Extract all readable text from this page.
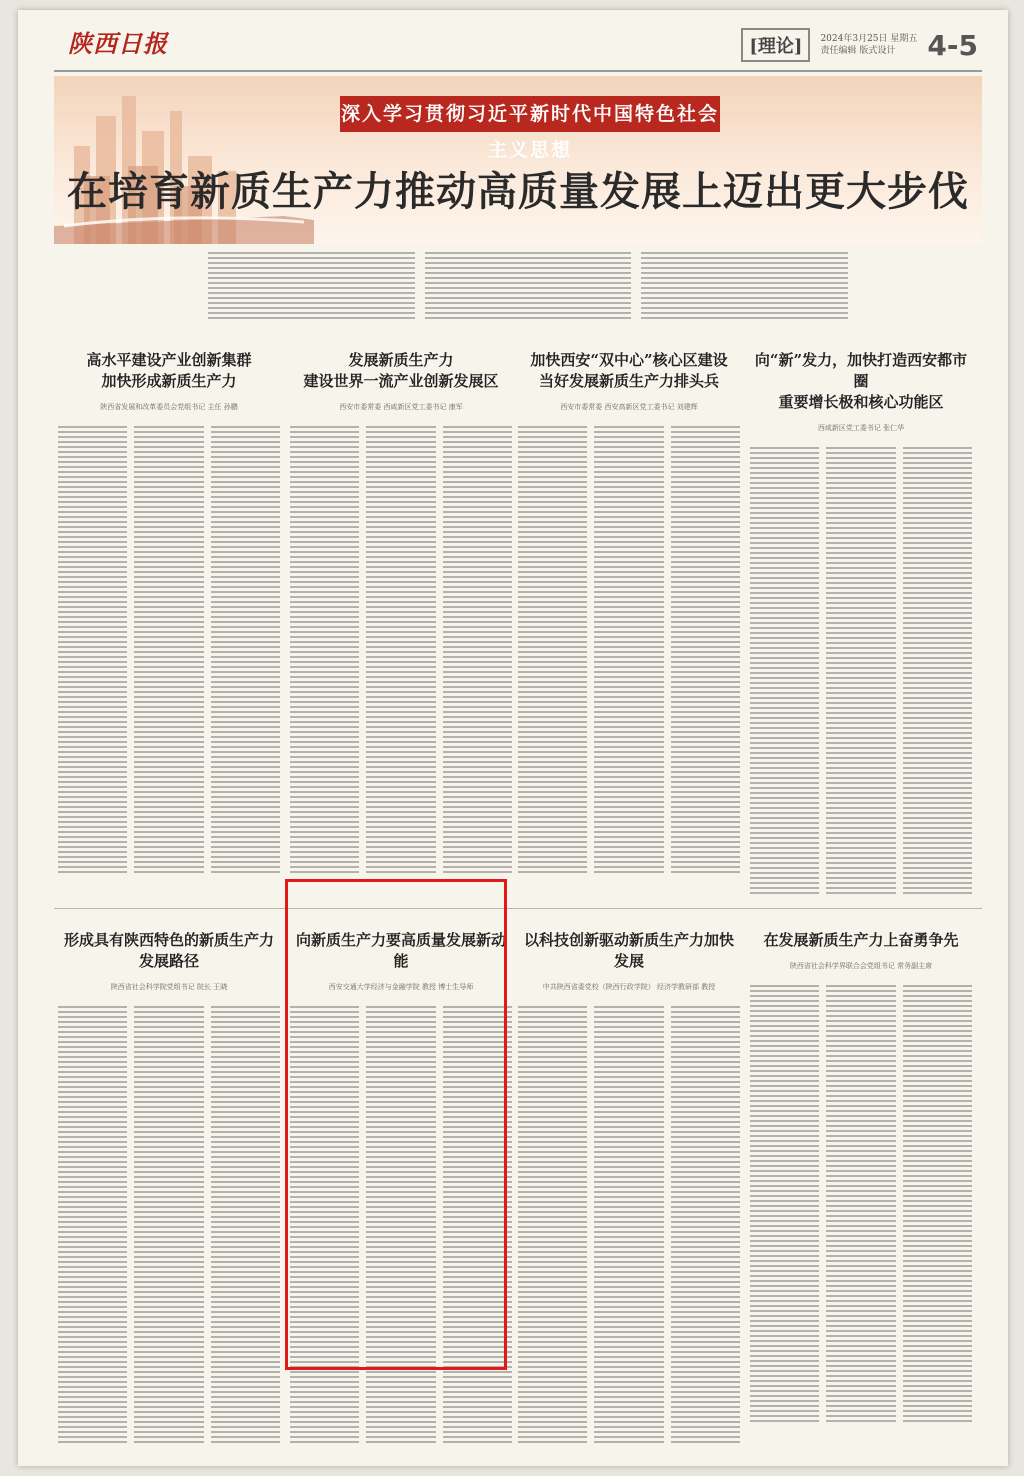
陕西日报	[理论]	2024年3月25日 星期五
责任编辑 版式设计	4-5
深入学习贯彻习近平新时代中国特色社会主义思想
在培育新质生产力推动高质量发展上迈出更大步伐
高水平建设产业创新集群
加快形成新质生产力
陕西省发展和改革委员会党组书记 主任 孙鹏
发展新质生产力
建设世界一流产业创新发展区
西安市委常委 西咸新区党工委书记 康军
加快西安“双中心”核心区建设
当好发展新质生产力排头兵
西安市委常委 西安高新区党工委书记 刘建辉
向“新”发力，加快打造西安都市圈
重要增长极和核心功能区
西咸新区党工委书记 张仁华
形成具有陕西特色的新质生产力发展路径
陕西省社会科学院党组书记 院长 王晓
向新质生产力要高质量发展新动能
西安交通大学经济与金融学院 教授 博士生导师
以科技创新驱动新质生产力加快发展
中共陕西省委党校（陕西行政学院） 经济学教研部 教授
在发展新质生产力上奋勇争先
陕西省社会科学界联合会党组书记 常务副主席
